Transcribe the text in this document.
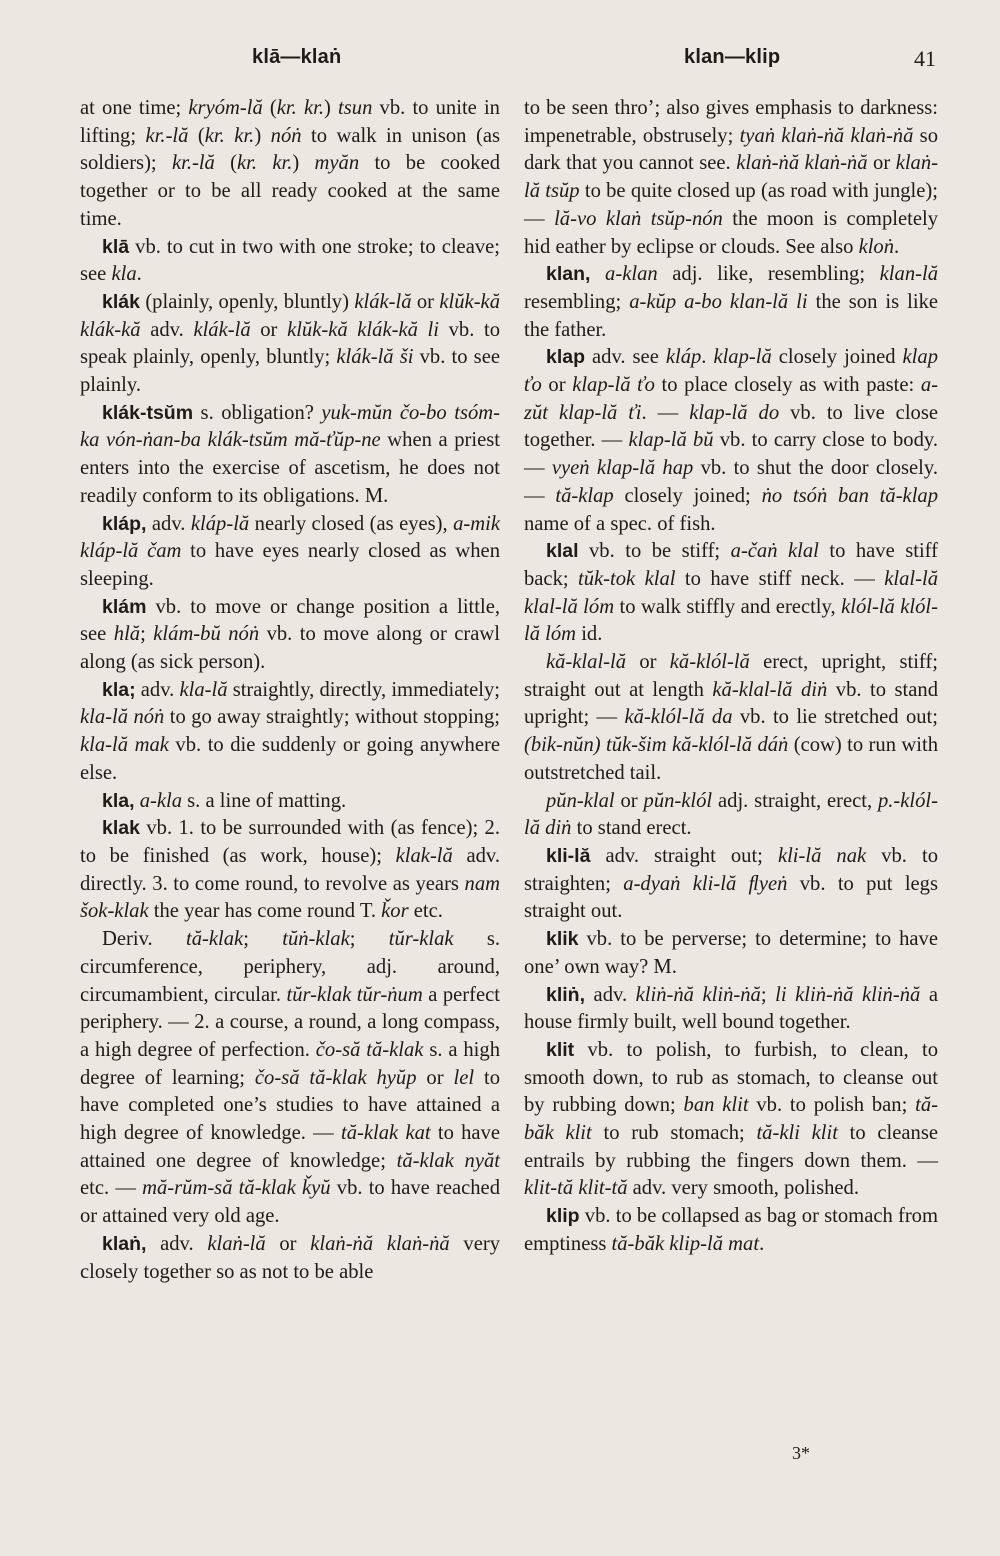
klā—klaṅ	klan—klip	41

at one time; kryóm-lă (kr. kr.) tsun vb. to unite in lifting; kr.-lă (kr. kr.) nóṅ to walk in unison (as soldiers); kr.-lă (kr. kr.) myăn to be cooked together or to be all ready cooked at the same time.

klā vb. to cut in two with one stroke; to cleave; see kla.

klák (plainly, openly, bluntly) klák-lă or klŭk-kă klák-kă adv. klák-lă or klŭk-kă klák-kă li vb. to speak plainly, openly, bluntly; klák-lă ši vb. to see plainly.

klák-tsŭm s. obligation? yuk-mŭn čo-bo tsóm-ka vón-ṅan-ba klák-tsŭm mă-ťŭp-ne when a priest enters into the exercise of ascetism, he does not readily conform to its obligations. M.

kláp, adv. kláp-lă nearly closed (as eyes), a-mik kláp-lă čam to have eyes nearly closed as when sleeping.

klám vb. to move or change position a little, see hlă; klám-bŭ nóṅ vb. to move along or crawl along (as sick person).

kla; adv. kla-lă straightly, directly, immediately; kla-lă nóṅ to go away straightly; without stopping; kla-lă mak vb. to die suddenly or going anywhere else.

kla, a-kla s. a line of matting.

klak vb. 1. to be surrounded with (as fence); 2. to be finished (as work, house); klak-lă adv. directly. 3. to come round, to revolve as years nam šok-klak the year has come round T. ǩor etc.

Deriv. tă-klak; tŭṅ-klak; tŭr-klak s. circumference, periphery, adj. around, circumambient, circular. tŭr-klak tŭr-ṅum a perfect periphery. — 2. a course, a round, a long compass, a high degree of perfection. čo-să tă-klak s. a high degree of learning; čo-să tă-klak hyŭp or lel to have completed one’s studies to have attained a high degree of knowledge. — tă-klak kat to have attained one degree of knowledge; tă-klak nyăt etc. — mă-rŭm-să tă-klak ǩyŭ vb. to have reached or attained very old age.

klaṅ, adv. klaṅ-lă or klaṅ-ṅă klaṅ-ṅă very closely together so as not to be able

to be seen thro’; also gives emphasis to darkness: impenetrable, obstrusely; tyaṅ klaṅ-ṅă klaṅ-ṅă so dark that you cannot see. klaṅ-ṅă klaṅ-ṅă or klaṅ-lă tsŭp to be quite closed up (as road with jungle); — lă-vo klaṅ tsŭp-nón the moon is completely hid eather by eclipse or clouds. See also kloṅ.

klan, a-klan adj. like, resembling; klan-lă resembling; a-kŭp a-bo klan-lă li the son is like the father.

klap adv. see kláp. klap-lă closely joined klap ťo or klap-lă ťo to place closely as with paste: a-zŭt klap-lă ťi. — klap-lă do vb. to live close together. — klap-lă bŭ vb. to carry close to body. — vyeṅ klap-lă hap vb. to shut the door closely. — tă-klap closely joined; ṅo tsóṅ ban tă-klap name of a spec. of fish.

klal vb. to be stiff; a-čaṅ klal to have stiff back; tŭk-tok klal to have stiff neck. — klal-lă klal-lă lóm to walk stiffly and erectly, klól-lă klól-lă lóm id.

kă-klal-lă or kă-klól-lă erect, upright, stiff; straight out at length kă-klal-lă diṅ vb. to stand upright; — kă-klól-lă da vb. to lie stretched out; (bik-nŭn) tŭk-šim kă-klól-lă dáṅ (cow) to run with outstretched tail.

pŭn-klal or pŭn-klól adj. straight, erect, p.-klól-lă diṅ to stand erect.

kli-lă adv. straight out; kli-lă nak vb. to straighten; a-dyaṅ kli-lă ﬂyeṅ vb. to put legs straight out.

klik vb. to be perverse; to determine; to have one’ own way? M.

kliṅ, adv. kliṅ-ṅă kliṅ-ṅă; li kliṅ-ṅă kliṅ-ṅă a house firmly built, well bound together.

klit vb. to polish, to furbish, to clean, to smooth down, to rub as stomach, to cleanse out by rubbing down; ban klit vb. to polish ban; tă-băk klit to rub stomach; tă-kli klit to cleanse entrails by rubbing the fingers down them. — klit-tă klit-tă adv. very smooth, polished.

klip vb. to be collapsed as bag or stomach from emptiness tă-băk klip-lă mat.

3*
